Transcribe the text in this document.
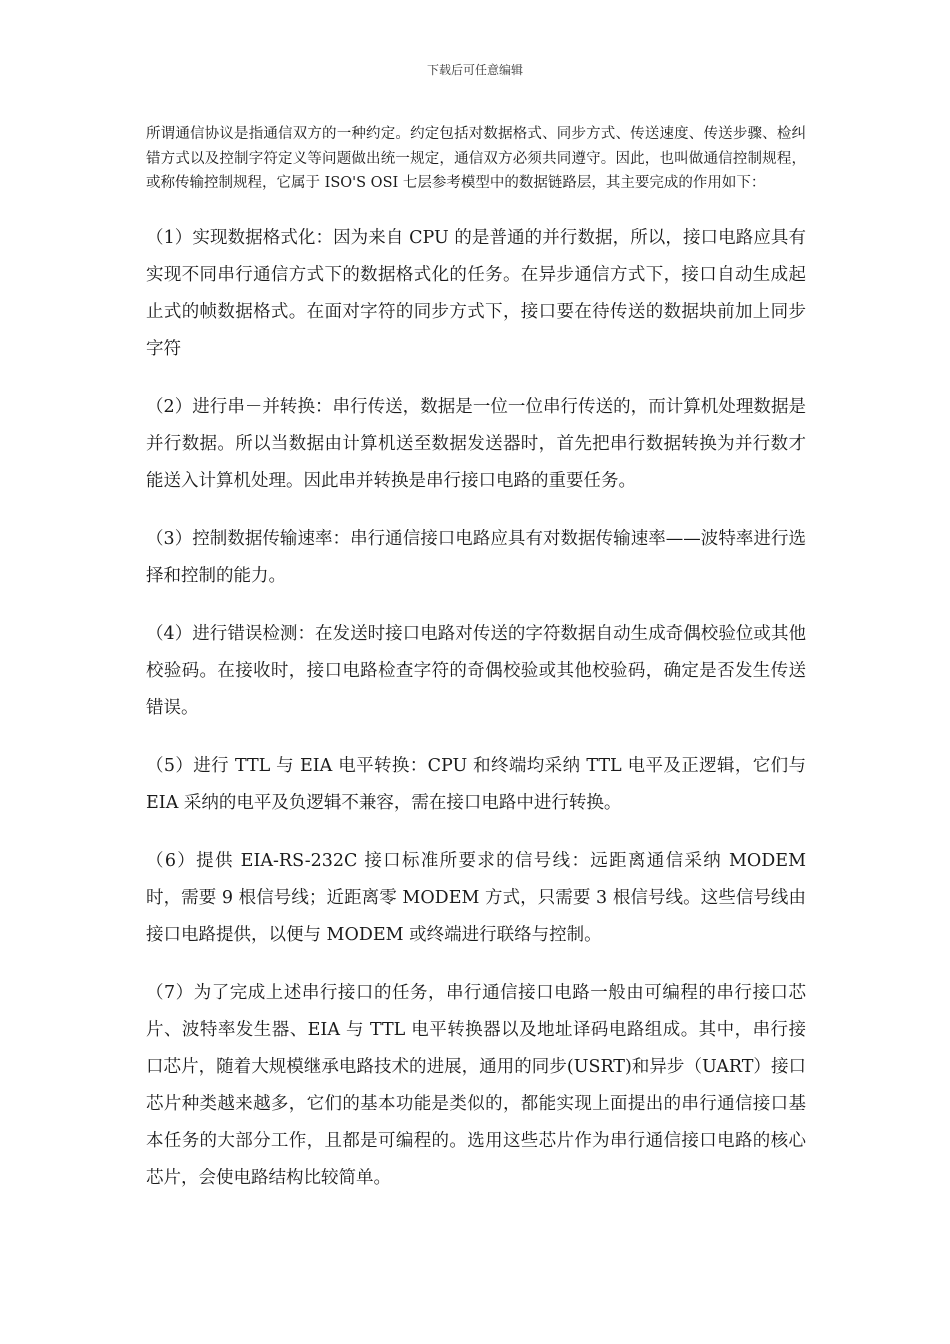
下载后可任意编辑

所谓通信协议是指通信双方的一种约定。约定包括对数据格式、同步方式、传送速度、传送步骤、检纠错方式以及控制字符定义等问题做出统一规定，通信双方必须共同遵守。因此，也叫做通信控制规程，或称传输控制规程，它属于 ISO'S OSI 七层参考模型中的数据链路层，其主要完成的作用如下：

（1）实现数据格式化：因为来自 CPU 的是普通的并行数据，所以，接口电路应具有实现不同串行通信方式下的数据格式化的任务。在异步通信方式下，接口自动生成起止式的帧数据格式。在面对字符的同步方式下，接口要在待传送的数据块前加上同步字符

（2）进行串－并转换：串行传送，数据是一位一位串行传送的，而计算机处理数据是并行数据。所以当数据由计算机送至数据发送器时，首先把串行数据转换为并行数才能送入计算机处理。因此串并转换是串行接口电路的重要任务。

（3）控制数据传输速率：串行通信接口电路应具有对数据传输速率——波特率进行选择和控制的能力。

（4）进行错误检测：在发送时接口电路对传送的字符数据自动生成奇偶校验位或其他校验码。在接收时，接口电路检查字符的奇偶校验或其他校验码，确定是否发生传送错误。

（5）进行 TTL 与 EIA 电平转换：CPU 和终端均采纳 TTL 电平及正逻辑，它们与 EIA 采纳的电平及负逻辑不兼容，需在接口电路中进行转换。

（6）提供 EIA-RS-232C 接口标准所要求的信号线：远距离通信采纳 MODEM 时，需要 9 根信号线；近距离零 MODEM 方式，只需要 3 根信号线。这些信号线由接口电路提供，以便与 MODEM 或终端进行联络与控制。

（7）为了完成上述串行接口的任务，串行通信接口电路一般由可编程的串行接口芯片、波特率发生器、EIA 与 TTL 电平转换器以及地址译码电路组成。其中，串行接口芯片，随着大规模继承电路技术的进展，通用的同步(USRT)和异步（UART）接口芯片种类越来越多，它们的基本功能是类似的，都能实现上面提出的串行通信接口基本任务的大部分工作，且都是可编程的。选用这些芯片作为串行通信接口电路的核心芯片，会使电路结构比较简单。
